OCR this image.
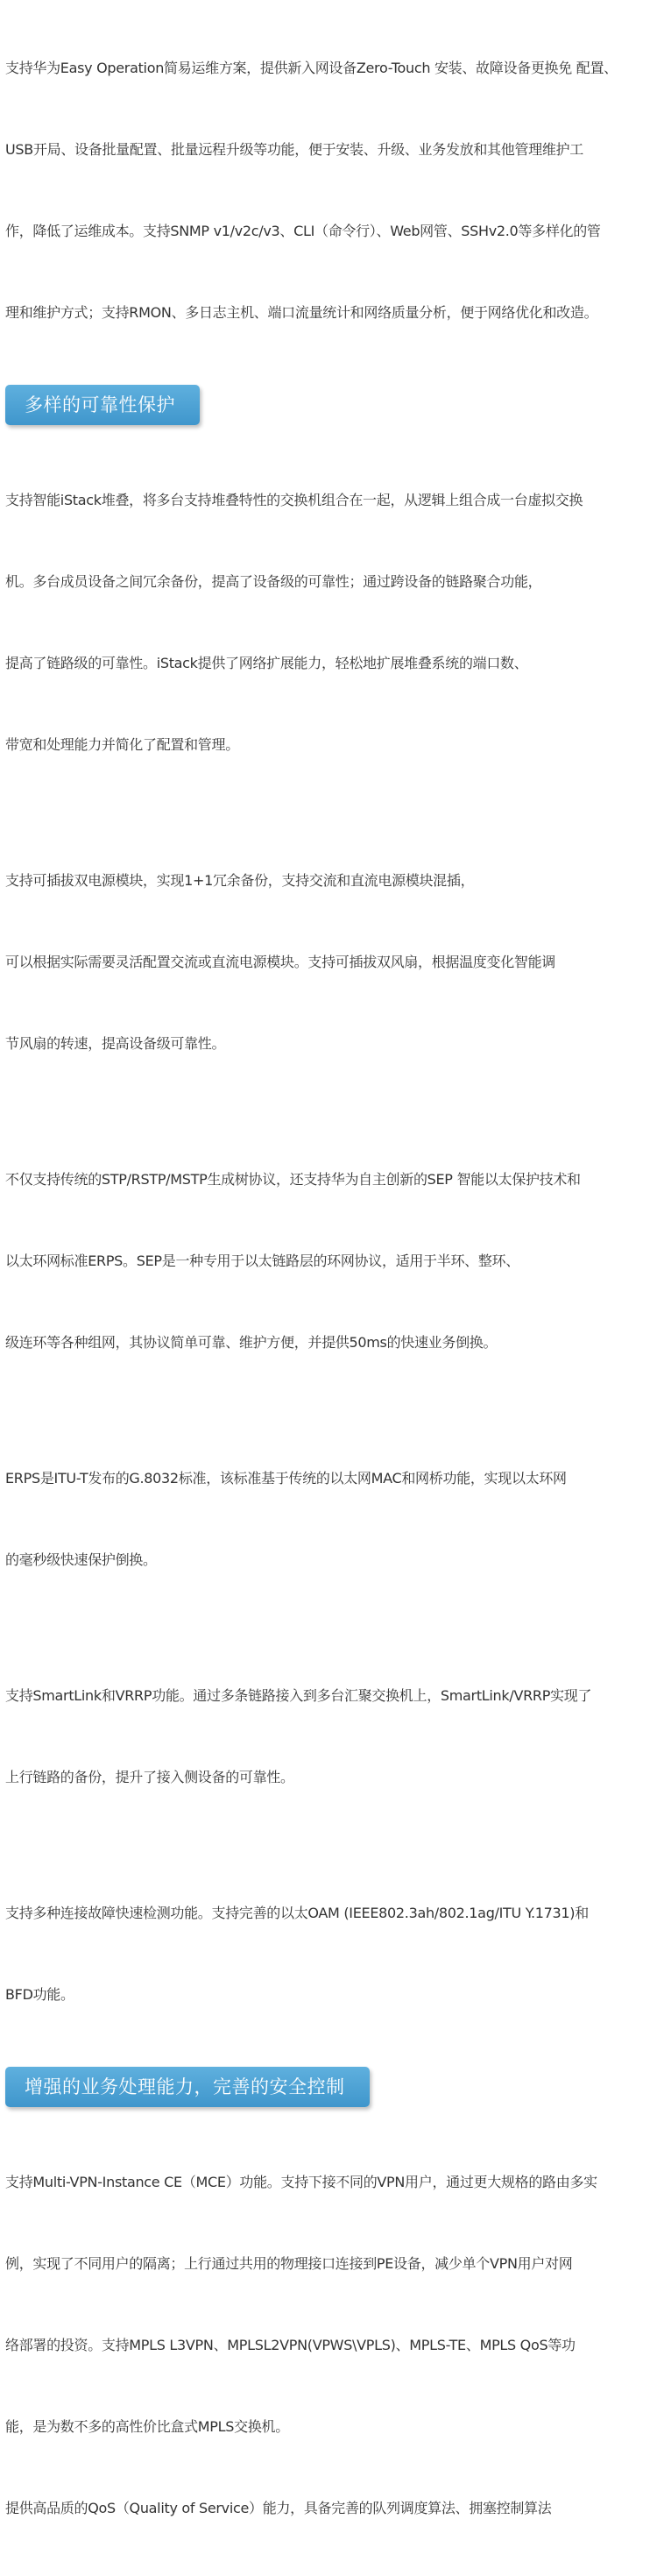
支持华为Easy Operation简易运维方案，提供新入网设备Zero-Touch 安装、故障设备更换免 配置、

USB开局、设备批量配置、批量远程升级等功能，便于安装、升级、业务发放和其他管理维护工

作，降低了运维成本。支持SNMP v1/v2c/v3、CLI（命令行）、Web网管、SSHv2.0等多样化的管

理和维护方式；支持RMON、多日志主机、端口流量统计和网络质量分析，便于网络优化和改造。

多样的可靠性保护

支持智能iStack堆叠，将多台支持堆叠特性的交换机组合在一起，从逻辑上组合成一台虚拟交换

机。多台成员设备之间冗余备份，提高了设备级的可靠性；通过跨设备的链路聚合功能，

提高了链路级的可靠性。iStack提供了网络扩展能力，轻松地扩展堆叠系统的端口数、

带宽和处理能力并简化了配置和管理。

支持可插拔双电源模块，实现1+1冗余备份，支持交流和直流电源模块混插，

可以根据实际需要灵活配置交流或直流电源模块。支持可插拔双风扇，根据温度变化智能调

节风扇的转速，提高设备级可靠性。

不仅支持传统的STP/RSTP/MSTP生成树协议，还支持华为自主创新的SEP 智能以太保护技术和

以太环网标准ERPS。SEP是一种专用于以太链路层的环网协议，适用于半环、整环、

级连环等各种组网，其协议简单可靠、维护方便，并提供50ms的快速业务倒换。

ERPS是ITU-T发布的G.8032标准，该标准基于传统的以太网MAC和网桥功能，实现以太环网

的毫秒级快速保护倒换。

支持SmartLink和VRRP功能。通过多条链路接入到多台汇聚交换机上，SmartLink/VRRP实现了

上行链路的备份，提升了接入侧设备的可靠性。

支持多种连接故障快速检测功能。支持完善的以太OAM (IEEE802.3ah/802.1ag/ITU Y.1731)和

BFD功能。

增强的业务处理能力，完善的安全控制

支持Multi-VPN-Instance CE（MCE）功能。支持下接不同的VPN用户，通过更大规格的路由多实

例，实现了不同用户的隔离；上行通过共用的物理接口连接到PE设备，减少单个VPN用户对网

络部署的投资。支持MPLS L3VPN、MPLSL2VPN(VPWS\VPLS)、MPLS-TE、MPLS QoS等功

能，是为数不多的高性价比盒式MPLS交换机。

提供高品质的QoS（Quality of Service）能力，具备完善的队列调度算法、拥塞控制算法
